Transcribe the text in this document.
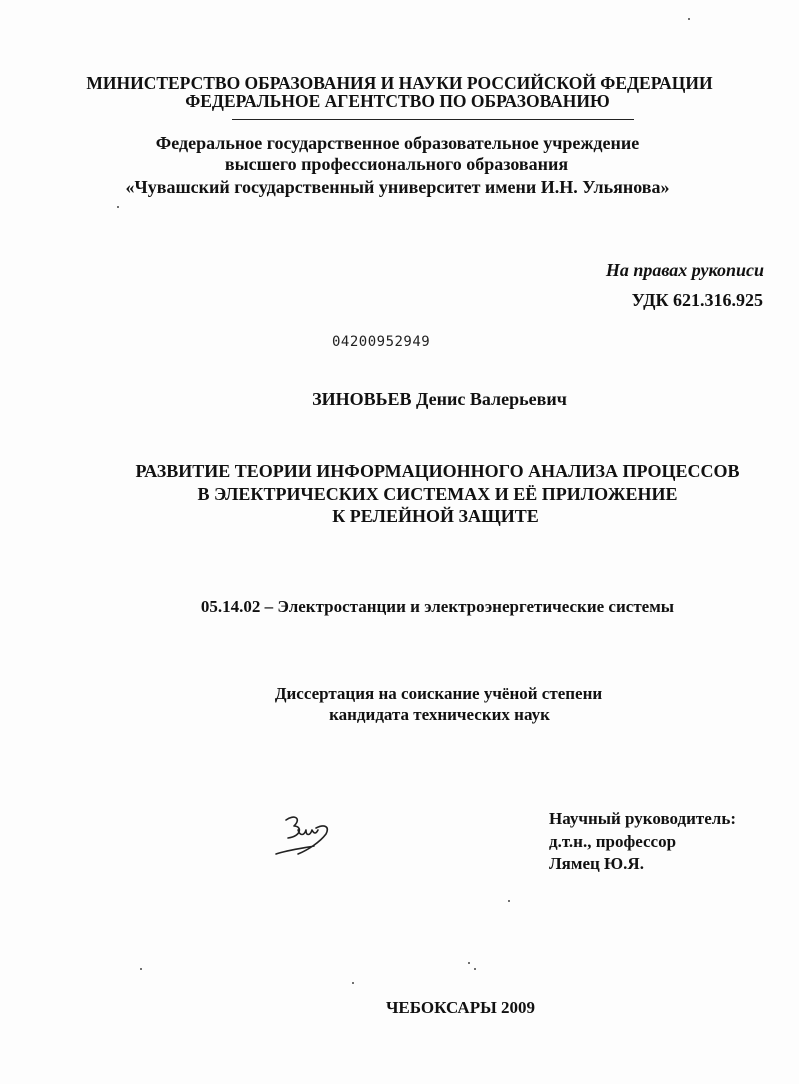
МИНИСТЕРСТВО ОБРАЗОВАНИЯ И НАУКИ РОССИЙСКОЙ ФЕДЕРАЦИИ
ФЕДЕРАЛЬНОЕ АГЕНТСТВО ПО ОБРАЗОВАНИЮ
Федеральное государственное образовательное учреждение
высшего профессионального образования
«Чувашский государственный университет имени И.Н. Ульянова»
На правах рукописи
УДК 621.316.925
04200952949
ЗИНОВЬЕВ Денис Валерьевич
РАЗВИТИЕ ТЕОРИИ ИНФОРМАЦИОННОГО АНАЛИЗА ПРОЦЕССОВ
В ЭЛЕКТРИЧЕСКИХ СИСТЕМАХ И ЕЁ ПРИЛОЖЕНИЕ
К РЕЛЕЙНОЙ ЗАЩИТЕ
05.14.02 – Электростанции и электроэнергетические системы
Диссертация на соискание учёной степени
кандидата технических наук
Научный руководитель:
д.т.н., профессор
Лямец Ю.Я.
ЧЕБОКСАРЫ 2009
